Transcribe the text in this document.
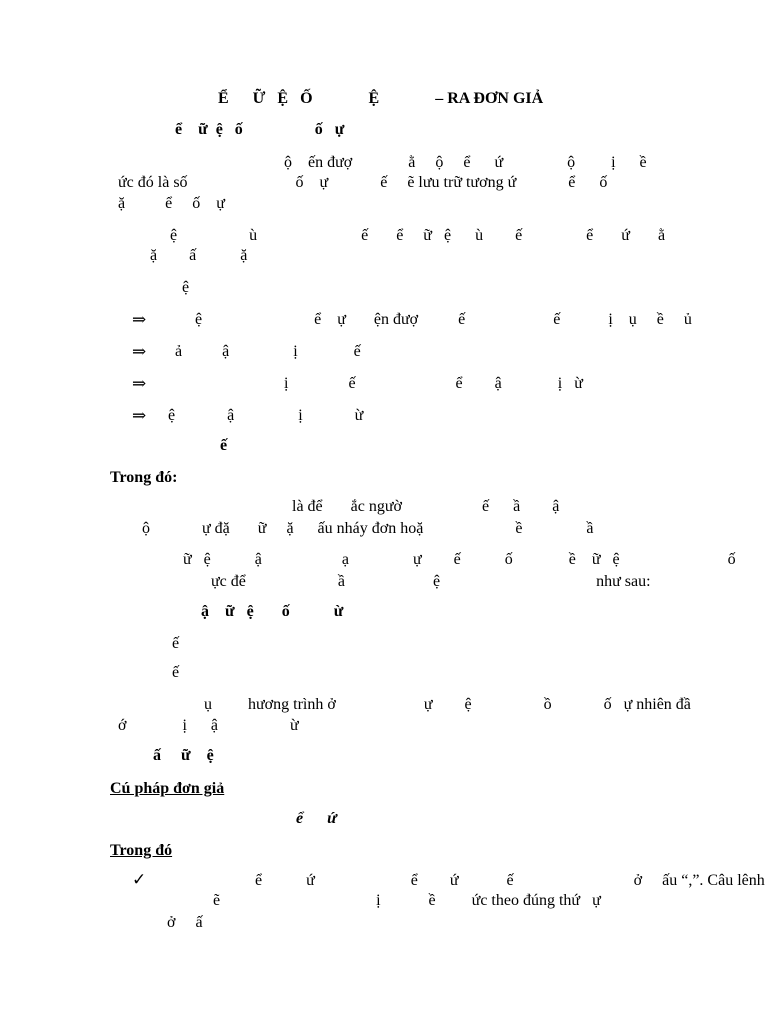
Ể      Ữ   Ệ   Ố              Ệ              – RA ĐƠN GIẢ
ể    ữ  ệ   ố                  ố   ự
ộ    ến đượ              ằ     ộ     ể      ứ                ộ         ị      ề
ức đó là số                           ố    ự             ế     ẽ lưu trữ tương ứ             ể      ố
ặ          ể     ố    ự
ệ                  ù                          ế       ể     ữ   ệ      ù        ế                ể       ứ       ằ
ặ        ấ           ặ
ệ
⇒	ệ                            ể    ự       ện đượ          ế                      ế            ị    ụ     ề     ủ
⇒ ả          ậ                ị              ế
⇒	ị               ế                         ể        ậ              ị   ừ
⇒ ệ             ậ                ị             ừ
ế
Trong đó:
là để       ắc ngườ                    ế      ầ        ậ
ộ             ự đặ       ữ     ặ      ấu nháy đơn hoặ                       ề                ầ
ữ   ệ           ậ                    ạ                ự        ế           ố              ề    ữ   ệ                           ố
ực để                       ầ                      ệ                                       như sau:
ậ    ữ   ệ       ố           ừ
ế
ế
ụ         hương trình ở                      ự        ệ                  ồ             ố   ự nhiên đầ
ớ              ị      ậ                  ừ
ấ     ữ    ệ
Cú pháp đơn giả
ể      ứ
Trong đó
✓	ể           ứ                        ể        ứ            ế                              ở     ấu “,”. Câu lênh
ẽ                                       ị            ề         ức theo đúng thứ   ự
ở     ấ
